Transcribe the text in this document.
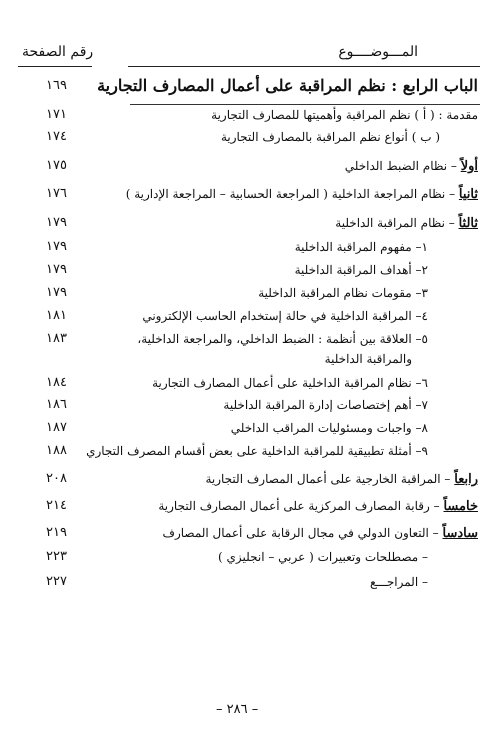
المـــوضــــوع
رقم الصفحة
الباب الرابع : نظم المراقبة على أعمال المصارف التجارية
١٦٩
مقدمة : ( أ ) نظم المراقبة وأهميتها للمصارف التجارية
١٧١
( ب ) أنواع نظم المراقبة بالمصارف التجارية
١٧٤
أولاً – نظام الضبط الداخلي
١٧٥
ثانياً – نظام المراجعة الداخلية ( المراجعة الحسابية – المراجعة الإدارية )
١٧٦
ثالثاً – نظام المراقبة الداخلية
١٧٩
١– مفهوم المراقبة الداخلية
١٧٩
٢– أهداف المراقبة الداخلية
١٧٩
٣– مقومات نظام المراقبة الداخلية
١٧٩
٤– المراقبة الداخلية في حالة إستخدام الحاسب الإلكتروني
١٨١
٥– العلاقة بين أنظمة : الضبط الداخلي، والمراجعة الداخلية،
١٨٣
والمراقبة الداخلية
٦– نظام المراقبة الداخلية على أعمال المصارف التجارية
١٨٤
٧– أهم إختصاصات إدارة المراقبة الداخلية
١٨٦
٨– واجبات ومسئوليات المراقب الداخلي
١٨٧
٩– أمثلة تطبيقية للمراقبة الداخلية على بعض أقسام المصرف التجاري
١٨٨
رابعاً – المراقبة الخارجية على أعمال المصارف التجارية
٢٠٨
خامساً – رقابة المصارف المركزية على أعمال المصارف التجارية
٢١٤
سادساً – التعاون الدولي في مجال الرقابة على أعمال المصارف
٢١٩
– مصطلحات وتعبيرات ( عربي – انجليزي )
٢٢٣
– المراجـــع
٢٢٧
– ٢٨٦ –
